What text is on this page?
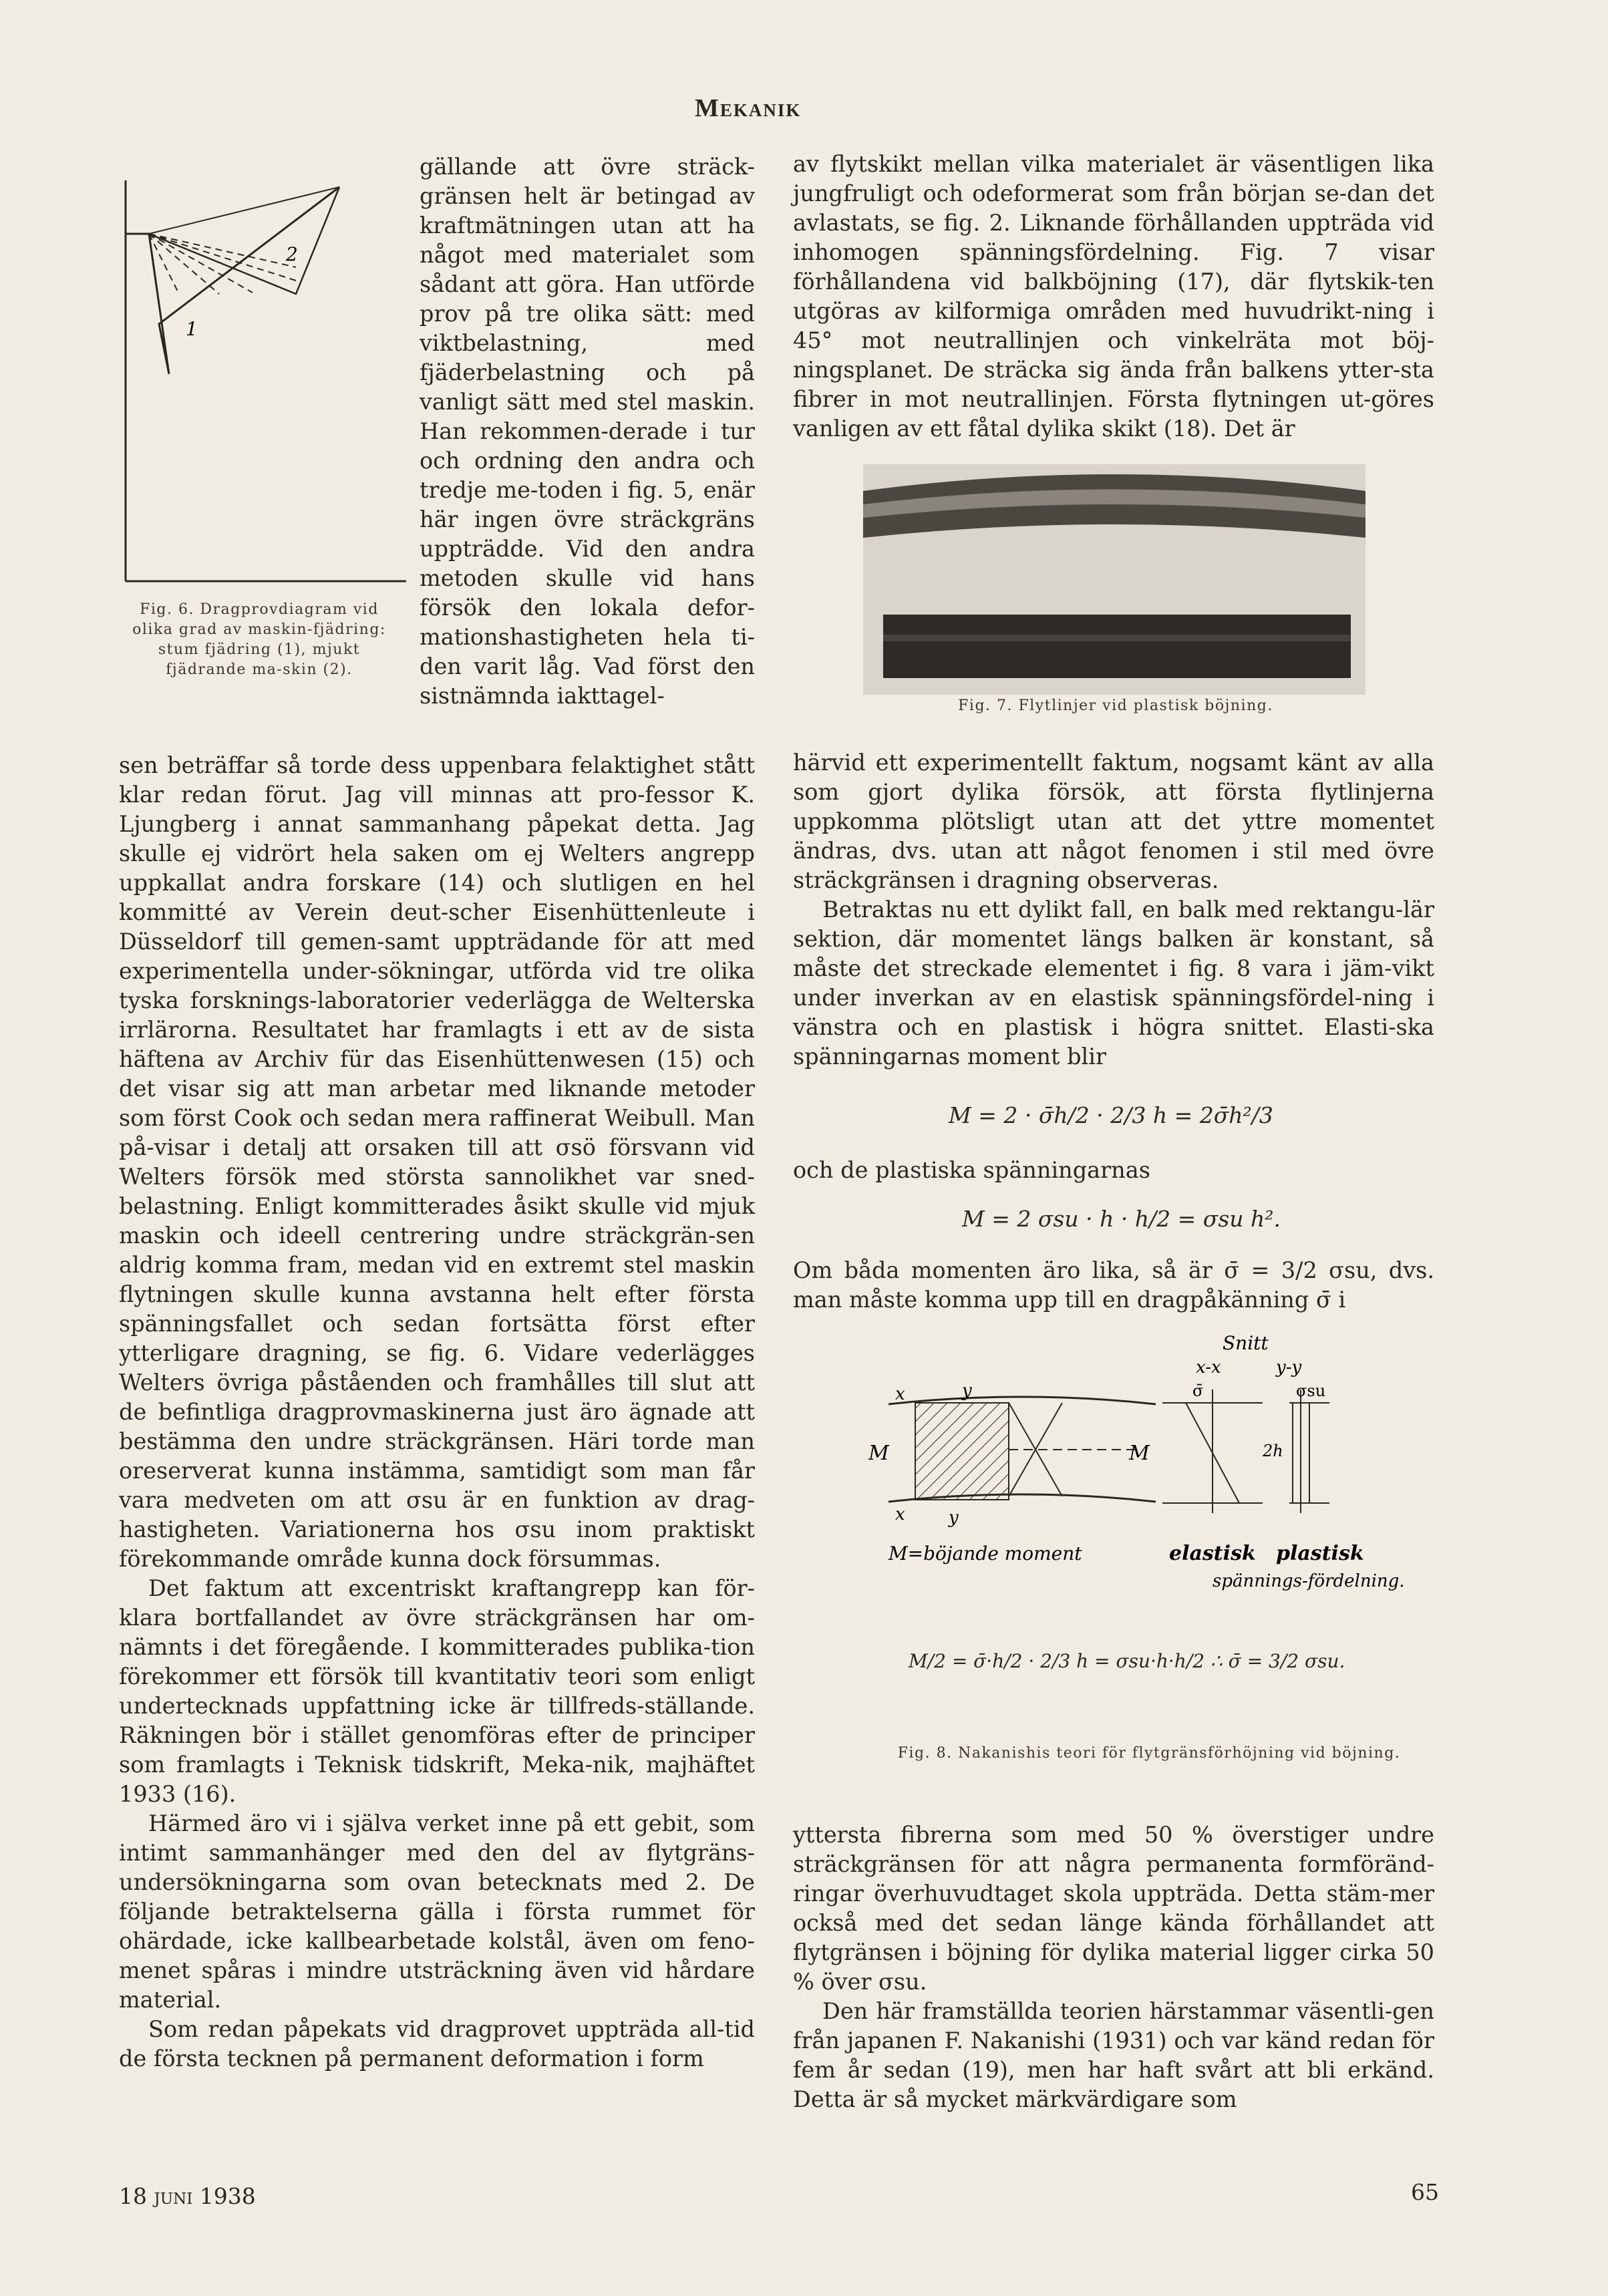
Mekanik
1
2
Fig. 6. Dragprovdiagram vid olika grad av maskin-fjädring: stum fjädring (1), mjukt fjädrande ma-skin (2).

gällande att övre sträck-gränsen helt är betingad av kraftmätningen utan att ha något med materialet som sådant att göra. Han utförde prov på tre olika sätt: med viktbelastning, med fjäderbelastning och på vanligt sätt med stel maskin. Han rekommen-derade i tur och ordning den andra och tredje me-toden i fig. 5, enär här ingen övre sträckgräns uppträdde. Vid den andra metoden skulle vid hans försök den lokala defor-mationshastigheten hela ti-den varit låg. Vad först den sistnämnda iakttagel-

sen beträffar så torde dess uppenbara felaktighet stått klar redan förut. Jag vill minnas att pro-fessor K. Ljungberg i annat sammanhang påpekat detta. Jag skulle ej vidrört hela saken om ej Welters angrepp uppkallat andra forskare (14) och slutligen en hel kommitté av Verein deut-scher Eisenhüttenleute i Düsseldorf till gemen-samt uppträdande för att med experimentella under-sökningar, utförda vid tre olika tyska forsknings-laboratorier vederlägga de Welterska irrlärorna. Resultatet har framlagts i ett av de sista häftena av Archiv für das Eisenhüttenwesen (15) och det visar sig att man arbetar med liknande metoder som först Cook och sedan mera raffinerat Weibull. Man på-visar i detalj att orsaken till att σsö försvann vid Welters försök med största sannolikhet var sned-belastning. Enligt kommitterades åsikt skulle vid mjuk maskin och ideell centrering undre sträckgrän-sen aldrig komma fram, medan vid en extremt stel maskin flytningen skulle kunna avstanna helt efter första spänningsfallet och sedan fortsätta först efter ytterligare dragning, se fig. 6. Vidare vederlägges Welters övriga påståenden och framhålles till slut att de befintliga dragprovmaskinerna just äro ägnade att bestämma den undre sträckgränsen. Häri torde man oreserverat kunna instämma, samtidigt som man får vara medveten om att σsu är en funktion av drag-hastigheten. Variationerna hos σsu inom praktiskt förekommande område kunna dock försummas.

Det faktum att excentriskt kraftangrepp kan för-klara bortfallandet av övre sträckgränsen har om-nämnts i det föregående. I kommitterades publika-tion förekommer ett försök till kvantitativ teori som enligt undertecknads uppfattning icke är tillfreds-ställande. Räkningen bör i stället genomföras efter de principer som framlagts i Teknisk tidskrift, Meka-nik, majhäftet 1933 (16).

Härmed äro vi i själva verket inne på ett gebit, som intimt sammanhänger med den del av flytgräns-undersökningarna som ovan betecknats med 2. De följande betraktelserna gälla i första rummet för ohärdade, icke kallbearbetade kolstål, även om feno-menet spåras i mindre utsträckning även vid hårdare material.

Som redan påpekats vid dragprovet uppträda all-tid de första tecknen på permanent deformation i form

av flytskikt mellan vilka materialet är väsentligen lika jungfruligt och odeformerat som från början se-dan det avlastats, se fig. 2. Liknande förhållanden uppträda vid inhomogen spänningsfördelning. Fig. 7 visar förhållandena vid balkböjning (17), där flytskik-ten utgöras av kilformiga områden med huvudrikt-ning i 45° mot neutrallinjen och vinkelräta mot böj-ningsplanet. De sträcka sig ända från balkens ytter-sta fibrer in mot neutrallinjen. Första flytningen ut-göres vanligen av ett fåtal dylika skikt (18). Det är

Fig. 7. Flytlinjer vid plastisk böjning.

härvid ett experimentellt faktum, nogsamt känt av alla som gjort dylika försök, att första flytlinjerna uppkomma plötsligt utan att det yttre momentet ändras, dvs. utan att något fenomen i stil med övre sträckgränsen i dragning observeras.

Betraktas nu ett dylikt fall, en balk med rektangu-lär sektion, där momentet längs balken är konstant, så måste det streckade elementet i fig. 8 vara i jäm-vikt under inverkan av en elastisk spänningsfördel-ning i vänstra och en plastisk i högra snittet. Elasti-ska spänningarnas moment blir

M = 2 · σ̄h/2 · 2/3 h = 2σ̄h²/3
och de plastiska spänningarnas
M = 2 σsu · h · h/2 = σsu h².
Om båda momenten äro lika, så är σ̄ = 3/2 σsu, dvs. man måste komma upp till en dragpåkänning σ̄ i
Snitt
x-x	y-y
M	M
x	y
x	y
M=böjande moment
σ̄	σsu
2h
elastisk plastisk
spännings-fördelning.
M/2 = σ̄·h/2 · 2/3 h = σsu·h·h/2 ∴ σ̄ = 3/2 σsu.
Fig. 8. Nakanishis teori för flytgränsförhöjning vid böjning.

yttersta fibrerna som med 50 % överstiger undre sträckgränsen för att några permanenta formföränd-ringar överhuvudtaget skola uppträda. Detta stäm-mer också med det sedan länge kända förhållandet att flytgränsen i böjning för dylika material ligger cirka 50 % över σsu.

Den här framställda teorien härstammar väsentli-gen från japanen F. Nakanishi (1931) och var känd redan för fem år sedan (19), men har haft svårt att bli erkänd. Detta är så mycket märkvärdigare som

18 juni 1938	65
